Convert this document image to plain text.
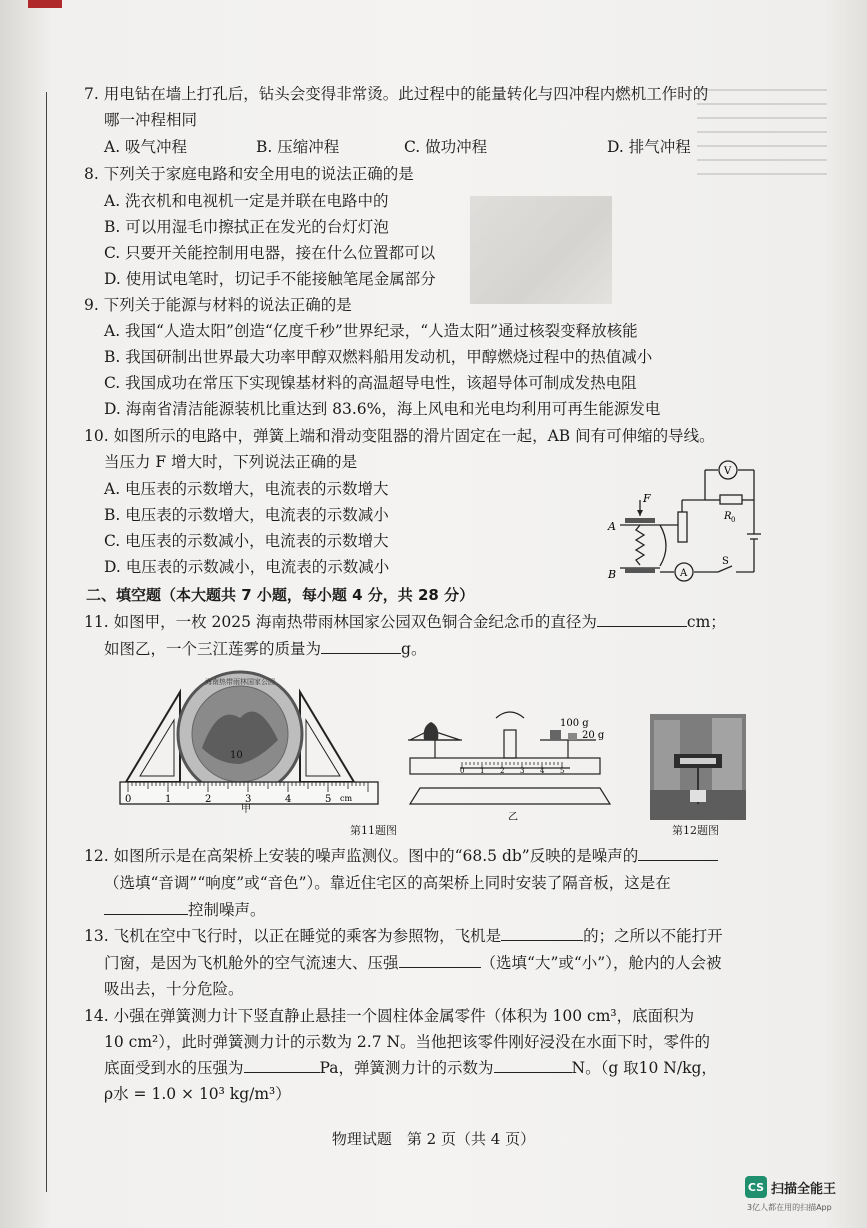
7. 用电钻在墙上打孔后，钻头会变得非常烫。此过程中的能量转化与四冲程内燃机工作时的
哪一冲程相同
A. 吸气冲程	B. 压缩冲程	C. 做功冲程	D. 排气冲程
8. 下列关于家庭电路和安全用电的说法正确的是
A. 洗衣机和电视机一定是并联在电路中的
B. 可以用湿毛巾擦拭正在发光的台灯灯泡
C. 只要开关能控制用电器，接在什么位置都可以
D. 使用试电笔时，切记手不能接触笔尾金属部分
9. 下列关于能源与材料的说法正确的是
A. 我国“人造太阳”创造“亿度千秒”世界纪录，“人造太阳”通过核裂变释放核能
B. 我国研制出世界最大功率甲醇双燃料船用发动机，甲醇燃烧过程中的热值减小
C. 我国成功在常压下实现镍基材料的高温超导电性，该超导体可制成发热电阻
D. 海南省清洁能源装机比重达到 83.6%，海上风电和光电均利用可再生能源发电
10. 如图所示的电路中，弹簧上端和滑动变阻器的滑片固定在一起，AB 间有可伸缩的导线。
当压力 F 增大时，下列说法正确的是
A. 电压表的示数增大，电流表的示数增大
B. 电压表的示数增大，电流表的示数减小
C. 电压表的示数减小，电流表的示数增大
D. 电压表的示数减小，电流表的示数减小
F
A
B
V
A
R 0
S
二、填空题（本大题共 7 小题，每小题 4 分，共 28 分）
11. 如图甲，一枚 2025 海南热带雨林国家公园双色铜合金纪念币的直径为	cm；
如图乙，一个三江莲雾的质量为	g。
海南热带雨林国家公园
10
0	1	2	3	4	5 cm
甲
100 g
20 g
0 1 2 3 4 5
乙
第11题图	第12题图
12. 如图所示是在高架桥上安装的噪声监测仪。图中的“68.5 db”反映的是噪声的
（选填“音调”“响度”或“音色”）。靠近住宅区的高架桥上同时安装了隔音板，这是在
控制噪声。
13. 飞机在空中飞行时，以正在睡觉的乘客为参照物，飞机是	的；之所以不能打开
门窗，是因为飞机舱外的空气流速大、压强	（选填“大”或“小”），舱内的人会被
吸出去，十分危险。
14. 小强在弹簧测力计下竖直静止悬挂一个圆柱体金属零件（体积为 100 cm³，底面积为
10 cm²），此时弹簧测力计的示数为 2.7 N。当他把该零件刚好浸没在水面下时，零件的
底面受到水的压强为	Pa，弹簧测力计的示数为	N。（g 取10 N/kg，
ρ水 = 1.0 × 10³ kg/m³）
物理试题　第 2 页（共 4 页）
CS 扫描全能王
3亿人都在用的扫描App
